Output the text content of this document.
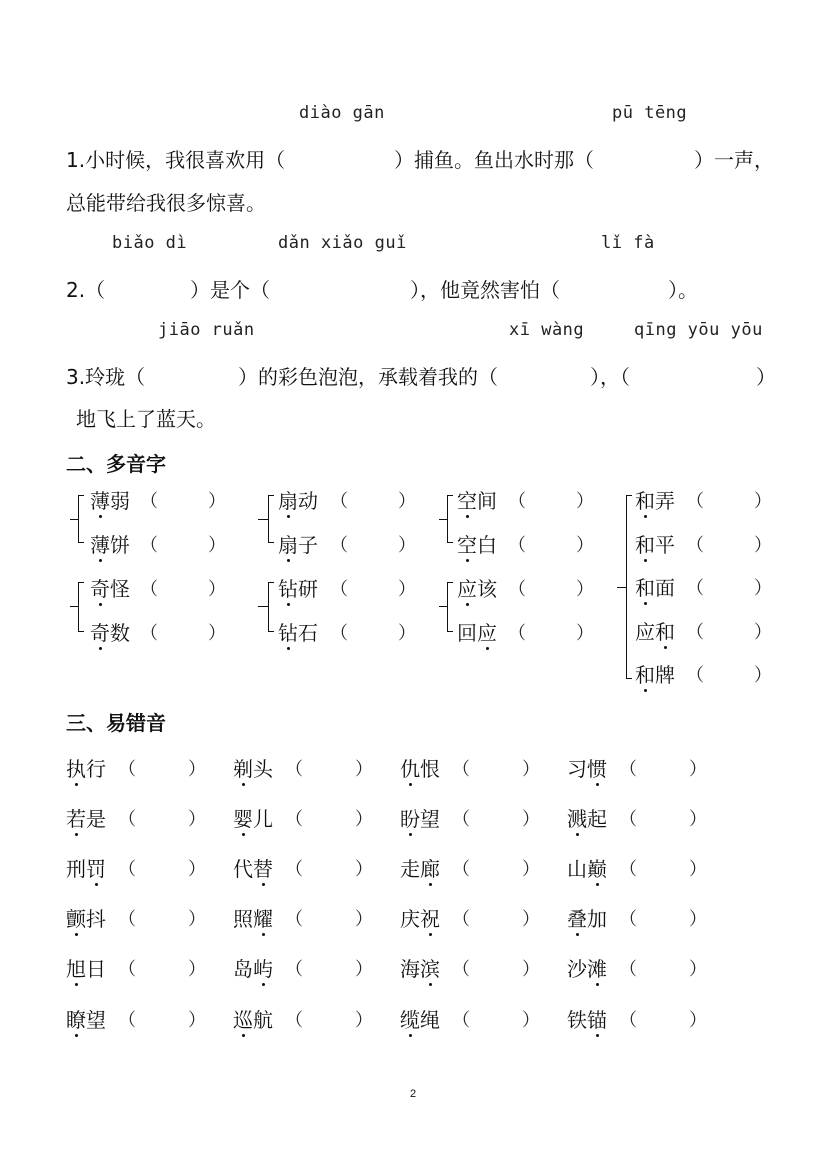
diào gān	pū tēng
1.小时候，我很喜欢用（	）捕鱼。鱼出水时那（	）一声，
总能带给我很多惊喜。
biǎo dì	dǎn xiǎo guǐ	lǐ fà
2.（	）是个（	），他竟然害怕（	）。
jiāo ruǎn	xī wàng	qīng yōu yōu
3.玲珑（	）的彩色泡泡，承载着我的（	），（	）
地飞上了蓝天。
二、多音字
薄弱 （	）
薄饼 （	）
扇动 （	）
扇子 （	）
空间 （	）
空白 （	）
奇怪 （	）
奇数 （	）
钻研 （	）
钻石 （	）
应该 （	）
回应 （	）
和弄 （	）
和平 （	）
和面 （	）
应和 （	）
和牌 （	）
三、易错音
执行 （	） 剃头 （	） 仇恨 （	） 习惯 （	）
若是 （	） 婴儿 （	） 盼望 （	） 溅起 （	）
刑罚 （	） 代替 （	） 走廊 （	） 山巅 （	）
颤抖 （	） 照耀 （	） 庆祝 （	） 叠加 （	）
旭日 （	） 岛屿 （	） 海滨 （	） 沙滩 （	）
瞭望 （	） 巡航 （	） 缆绳 （	） 铁锚 （	）
2
